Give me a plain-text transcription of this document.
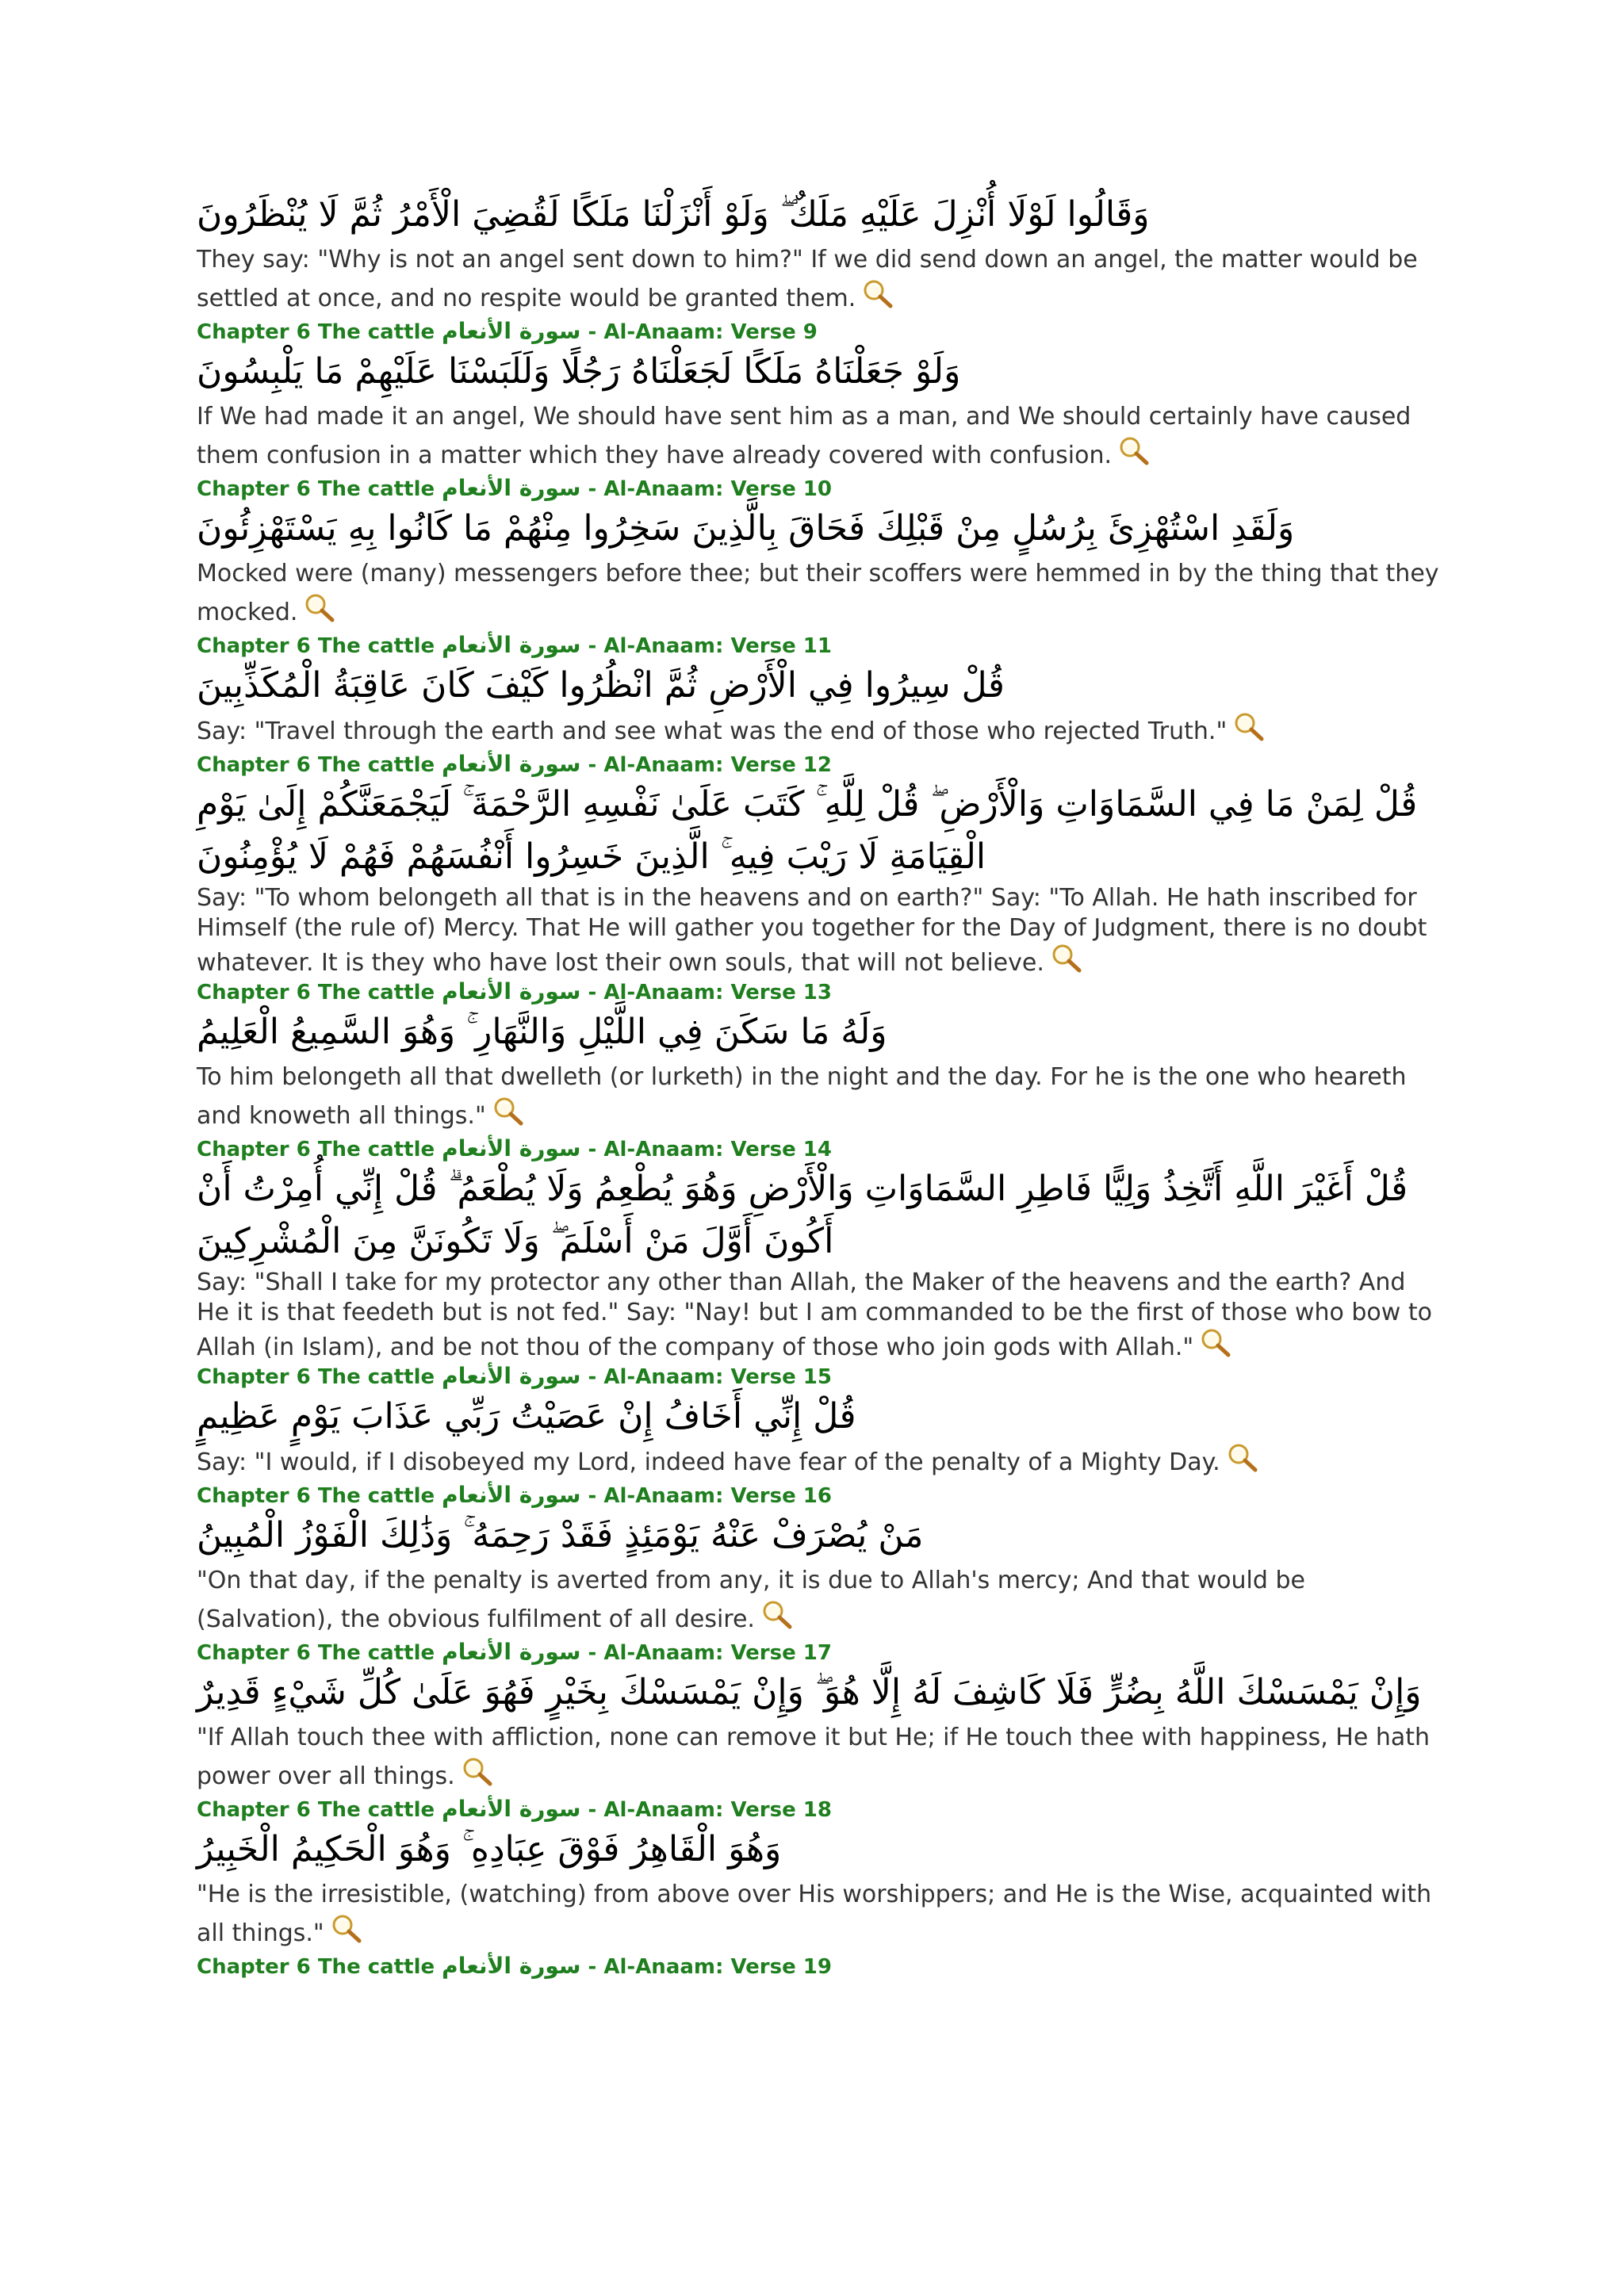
وَقَالُوا لَوْلَا أُنْزِلَ عَلَيْهِ مَلَكٌ ۖ وَلَوْ أَنْزَلْنَا مَلَكًا لَقُضِيَ الْأَمْرُ ثُمَّ لَا يُنْظَرُونَ

They say: "Why is not an angel sent down to him?" If we did send down an angel, the matter would be settled at once, and no respite would be granted them.

Chapter 6 The cattle سورة الأنعام - Al-Anaam: Verse 9

وَلَوْ جَعَلْنَاهُ مَلَكًا لَجَعَلْنَاهُ رَجُلًا وَلَلَبَسْنَا عَلَيْهِمْ مَا يَلْبِسُونَ

If We had made it an angel, We should have sent him as a man, and We should certainly have caused them confusion in a matter which they have already covered with confusion.

Chapter 6 The cattle سورة الأنعام - Al-Anaam: Verse 10

وَلَقَدِ اسْتُهْزِئَ بِرُسُلٍ مِنْ قَبْلِكَ فَحَاقَ بِالَّذِينَ سَخِرُوا مِنْهُمْ مَا كَانُوا بِهِ يَسْتَهْزِئُونَ

Mocked were (many) messengers before thee; but their scoffers were hemmed in by the thing that they mocked.

Chapter 6 The cattle سورة الأنعام - Al-Anaam: Verse 11

قُلْ سِيرُوا فِي الْأَرْضِ ثُمَّ انْظُرُوا كَيْفَ كَانَ عَاقِبَةُ الْمُكَذِّبِينَ

Say: "Travel through the earth and see what was the end of those who rejected Truth."

Chapter 6 The cattle سورة الأنعام - Al-Anaam: Verse 12

قُلْ لِمَنْ مَا فِي السَّمَاوَاتِ وَالْأَرْضِ ۖ قُلْ لِلَّهِ ۚ كَتَبَ عَلَىٰ نَفْسِهِ الرَّحْمَةَ ۚ لَيَجْمَعَنَّكُمْ إِلَىٰ يَوْمِ الْقِيَامَةِ لَا رَيْبَ فِيهِ ۚ الَّذِينَ خَسِرُوا أَنْفُسَهُمْ فَهُمْ لَا يُؤْمِنُونَ

Say: "To whom belongeth all that is in the heavens and on earth?" Say: "To Allah. He hath inscribed for Himself (the rule of) Mercy. That He will gather you together for the Day of Judgment, there is no doubt whatever. It is they who have lost their own souls, that will not believe.

Chapter 6 The cattle سورة الأنعام - Al-Anaam: Verse 13

وَلَهُ مَا سَكَنَ فِي اللَّيْلِ وَالنَّهَارِ ۚ وَهُوَ السَّمِيعُ الْعَلِيمُ

To him belongeth all that dwelleth (or lurketh) in the night and the day. For he is the one who heareth and knoweth all things."

Chapter 6 The cattle سورة الأنعام - Al-Anaam: Verse 14

قُلْ أَغَيْرَ اللَّهِ أَتَّخِذُ وَلِيًّا فَاطِرِ السَّمَاوَاتِ وَالْأَرْضِ وَهُوَ يُطْعِمُ وَلَا يُطْعَمُ ۗ قُلْ إِنِّي أُمِرْتُ أَنْ أَكُونَ أَوَّلَ مَنْ أَسْلَمَ ۖ وَلَا تَكُونَنَّ مِنَ الْمُشْرِكِينَ

Say: "Shall I take for my protector any other than Allah, the Maker of the heavens and the earth? And He it is that feedeth but is not fed." Say: "Nay! but I am commanded to be the first of those who bow to Allah (in Islam), and be not thou of the company of those who join gods with Allah."

Chapter 6 The cattle سورة الأنعام - Al-Anaam: Verse 15

قُلْ إِنِّي أَخَافُ إِنْ عَصَيْتُ رَبِّي عَذَابَ يَوْمٍ عَظِيمٍ

Say: "I would, if I disobeyed my Lord, indeed have fear of the penalty of a Mighty Day.

Chapter 6 The cattle سورة الأنعام - Al-Anaam: Verse 16

مَنْ يُصْرَفْ عَنْهُ يَوْمَئِذٍ فَقَدْ رَحِمَهُ ۚ وَذَٰلِكَ الْفَوْزُ الْمُبِينُ

"On that day, if the penalty is averted from any, it is due to Allah's mercy; And that would be (Salvation), the obvious fulfilment of all desire.

Chapter 6 The cattle سورة الأنعام - Al-Anaam: Verse 17

وَإِنْ يَمْسَسْكَ اللَّهُ بِضُرٍّ فَلَا كَاشِفَ لَهُ إِلَّا هُوَ ۖ وَإِنْ يَمْسَسْكَ بِخَيْرٍ فَهُوَ عَلَىٰ كُلِّ شَيْءٍ قَدِيرٌ

"If Allah touch thee with affliction, none can remove it but He; if He touch thee with happiness, He hath power over all things.

Chapter 6 The cattle سورة الأنعام - Al-Anaam: Verse 18

وَهُوَ الْقَاهِرُ فَوْقَ عِبَادِهِ ۚ وَهُوَ الْحَكِيمُ الْخَبِيرُ

"He is the irresistible, (watching) from above over His worshippers; and He is the Wise, acquainted with all things."

Chapter 6 The cattle سورة الأنعام - Al-Anaam: Verse 19
